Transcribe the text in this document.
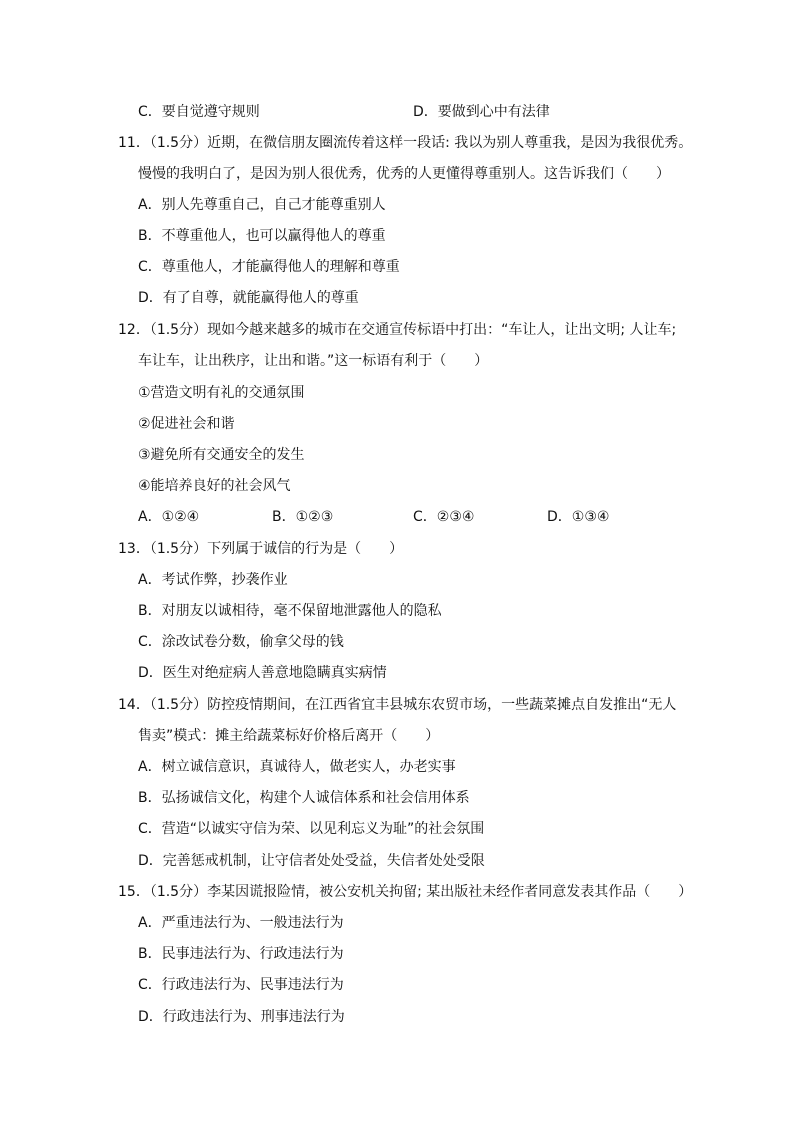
C．要自觉遵守规则	D．要做到心中有法律
11．（1.5分）近期，在微信朋友圈流传着这样一段话: 我以为别人尊重我，是因为我很优秀。
慢慢的我明白了，是因为别人很优秀，优秀的人更懂得尊重别人。这告诉我们（　　）
A．别人先尊重自己，自己才能尊重别人
B．不尊重他人，也可以赢得他人的尊重
C．尊重他人，才能赢得他人的理解和尊重
D．有了自尊，就能赢得他人的尊重
12．（1.5分）现如今越来越多的城市在交通宣传标语中打出：“车让人，让出文明; 人让车;
车让车，让出秩序，让出和谐。”这一标语有利于（　　）
①营造文明有礼的交通氛围
②促进社会和谐
③避免所有交通安全的发生
④能培养良好的社会风气
A．①②④	B．①②③	C．②③④	D．①③④
13．（1.5分）下列属于诚信的行为是（　　）
A．考试作弊，抄袭作业
B．对朋友以诚相待，毫不保留地泄露他人的隐私
C．涂改试卷分数，偷拿父母的钱
D．医生对绝症病人善意地隐瞒真实病情
14．（1.5分）防控疫情期间，在江西省宜丰县城东农贸市场，一些蔬菜摊点自发推出“无人
售卖”模式：摊主给蔬菜标好价格后离开（　　）
A．树立诚信意识，真诚待人，做老实人，办老实事
B．弘扬诚信文化，构建个人诚信体系和社会信用体系
C．营造“以诚实守信为荣、以见利忘义为耻”的社会氛围
D．完善惩戒机制，让守信者处处受益，失信者处处受限
15．（1.5分）李某因谎报险情，被公安机关拘留; 某出版社未经作者同意发表其作品（　　）
A．严重违法行为、一般违法行为
B．民事违法行为、行政违法行为
C．行政违法行为、民事违法行为
D．行政违法行为、刑事违法行为
